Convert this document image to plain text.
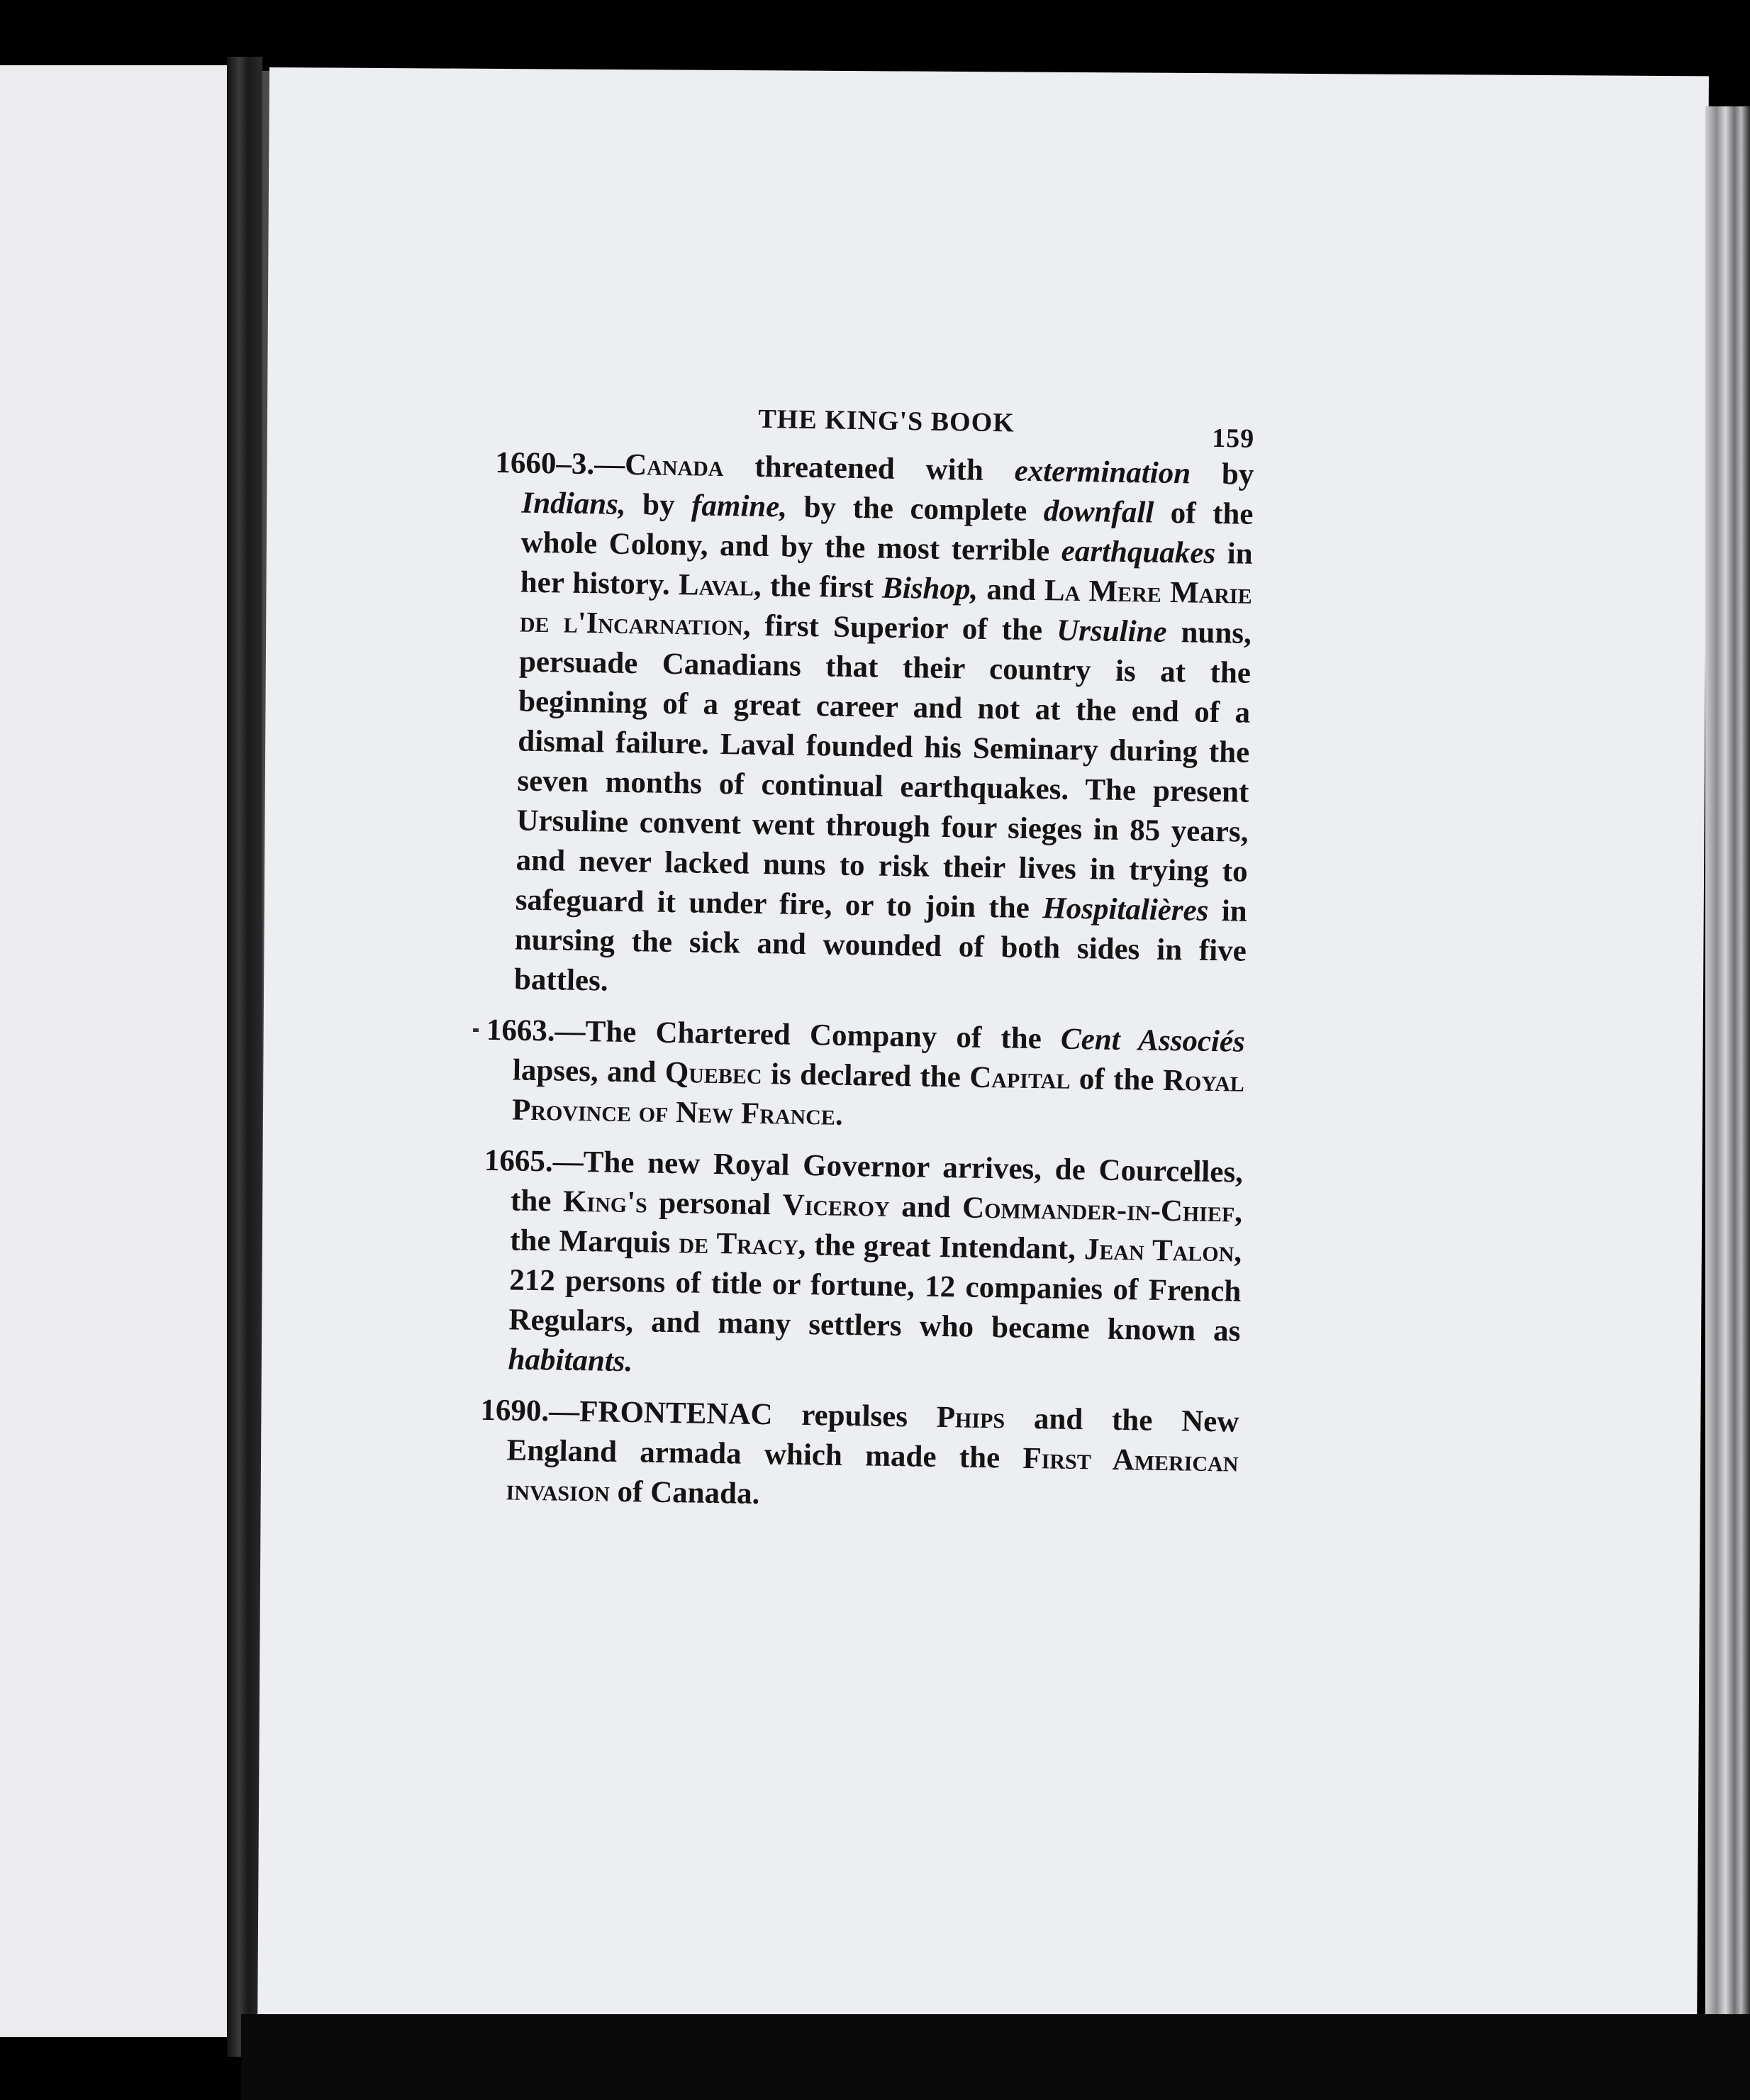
THE KING'S BOOK
159

1660–3.—Canada threatened with extermination by Indians, by famine, by the complete downfall of the whole Colony, and by the most terrible earthquakes in her history. Laval, the first Bishop, and La Mere Marie de l'Incarnation, first Superior of the Ursuline nuns, persuade Canadians that their country is at the beginning of a great career and not at the end of a dismal failure. Laval founded his Seminary during the seven months of continual earthquakes. The present Ursuline convent went through four sieges in 85 years, and never lacked nuns to risk their lives in trying to safeguard it under fire, or to join the Hospitalières in nursing the sick and wounded of both sides in five battles.

1663.—The Chartered Company of the Cent Associés lapses, and Quebec is declared the Capital of the Royal Province of New France.

1665.—The new Royal Governor arrives, de Courcelles, the King's personal Viceroy and Commander-in-Chief, the Marquis de Tracy, the great Intendant, Jean Talon, 212 persons of title or fortune, 12 companies of French Regulars, and many settlers who became known as habitants.

1690.—FRONTENAC repulses Phips and the New England armada which made the First American invasion of Canada.
